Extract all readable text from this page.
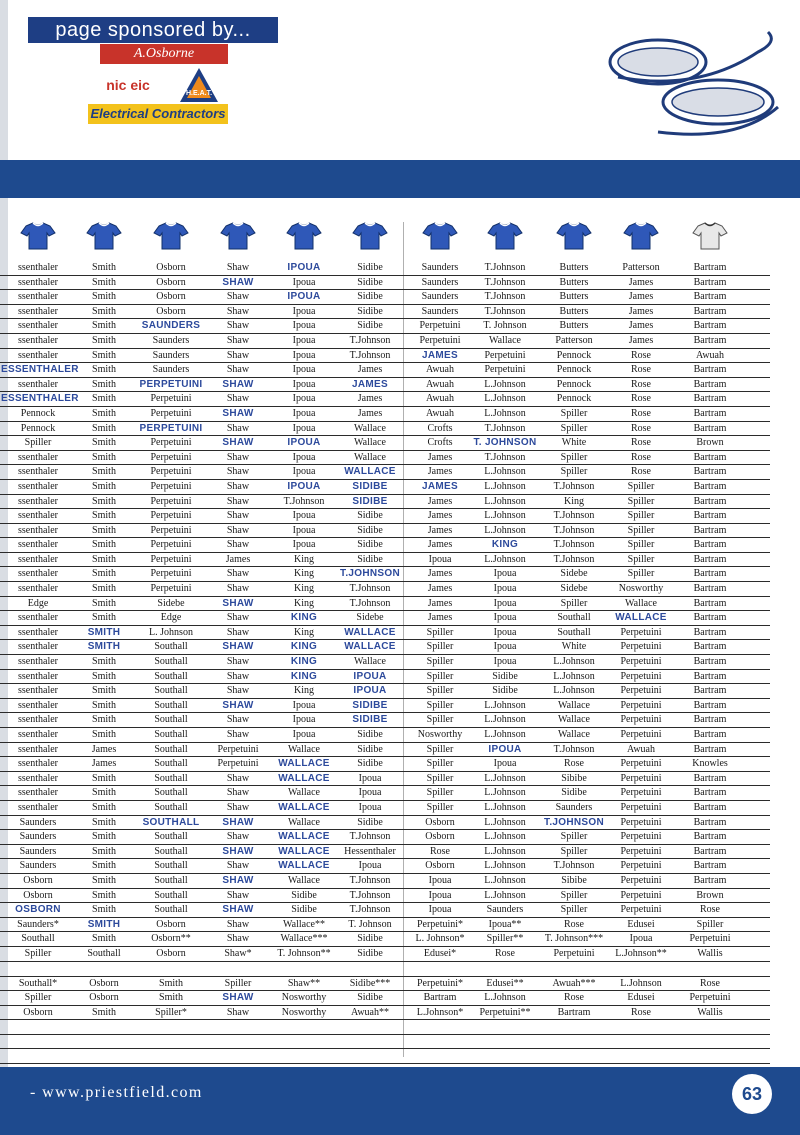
page sponsored by...
A.Osborne
nic eic
H.E.A.T.
Electrical Contractors
ssenthaler	Smith	Osborn	Shaw	IPOUA	Sidibe	Saunders	T.Johnson	Butters	Patterson	Bartram
ssenthaler	Smith	Osborn	SHAW	Ipoua	Sidibe	Saunders	T.Johnson	Butters	James	Bartram
ssenthaler	Smith	Osborn	Shaw	IPOUA	Sidibe	Saunders	T.Johnson	Butters	James	Bartram
ssenthaler	Smith	Osborn	Shaw	Ipoua	Sidibe	Saunders	T.Johnson	Butters	James	Bartram
ssenthaler	Smith	SAUNDERS	Shaw	Ipoua	Sidibe	Perpetuini	T. Johnson	Butters	James	Bartram
ssenthaler	Smith	Saunders	Shaw	Ipoua	T.Johnson	Perpetuini	Wallace	Patterson	James	Bartram
ssenthaler	Smith	Saunders	Shaw	Ipoua	T.Johnson	JAMES	Perpetuini	Pennock	Rose	Awuah
ESSENTHALER	Smith	Saunders	Shaw	Ipoua	James	Awuah	Perpetuini	Pennock	Rose	Bartram
ssenthaler	Smith	PERPETUINI	SHAW	Ipoua	JAMES	Awuah	L.Johnson	Pennock	Rose	Bartram
ESSENTHALER	Smith	Perpetuini	Shaw	Ipoua	James	Awuah	L.Johnson	Pennock	Rose	Bartram
Pennock	Smith	Perpetuini	SHAW	Ipoua	James	Awuah	L.Johnson	Spiller	Rose	Bartram
Pennock	Smith	PERPETUINI	Shaw	Ipoua	Wallace	Crofts	T.Johnson	Spiller	Rose	Bartram
Spiller	Smith	Perpetuini	SHAW	IPOUA	Wallace	Crofts	T. JOHNSON	White	Rose	Brown
ssenthaler	Smith	Perpetuini	Shaw	Ipoua	Wallace	James	T.Johnson	Spiller	Rose	Bartram
ssenthaler	Smith	Perpetuini	Shaw	Ipoua	WALLACE	James	L.Johnson	Spiller	Rose	Bartram
ssenthaler	Smith	Perpetuini	Shaw	IPOUA	SIDIBE	JAMES	L.Johnson	T.Johnson	Spiller	Bartram
ssenthaler	Smith	Perpetuini	Shaw	T.Johnson	SIDIBE	James	L.Johnson	King	Spiller	Bartram
ssenthaler	Smith	Perpetuini	Shaw	Ipoua	Sidibe	James	L.Johnson	T.Johnson	Spiller	Bartram
ssenthaler	Smith	Perpetuini	Shaw	Ipoua	Sidibe	James	L.Johnson	T.Johnson	Spiller	Bartram
ssenthaler	Smith	Perpetuini	Shaw	Ipoua	Sidibe	James	KING	T.Johnson	Spiller	Bartram
ssenthaler	Smith	Perpetuini	James	King	Sidibe	Ipoua	L.Johnson	T.Johnson	Spiller	Bartram
ssenthaler	Smith	Perpetuini	Shaw	King	T.JOHNSON	James	Ipoua	Sidebe	Spiller	Bartram
ssenthaler	Smith	Perpetuini	Shaw	King	T.Johnson	James	Ipoua	Sidebe	Nosworthy	Bartram
Edge	Smith	Sidebe	SHAW	King	T.Johnson	James	Ipoua	Spiller	Wallace	Bartram
ssenthaler	Smith	Edge	Shaw	KING	Sidebe	James	Ipoua	Southall	WALLACE	Bartram
ssenthaler	SMITH	L. Johnson	Shaw	King	WALLACE	Spiller	Ipoua	Southall	Perpetuini	Bartram
ssenthaler	SMITH	Southall	SHAW	KING	WALLACE	Spiller	Ipoua	White	Perpetuini	Bartram
ssenthaler	Smith	Southall	Shaw	KING	Wallace	Spiller	Ipoua	L.Johnson	Perpetuini	Bartram
ssenthaler	Smith	Southall	Shaw	KING	IPOUA	Spiller	Sidibe	L.Johnson	Perpetuini	Bartram
ssenthaler	Smith	Southall	Shaw	King	IPOUA	Spiller	Sidibe	L.Johnson	Perpetuini	Bartram
ssenthaler	Smith	Southall	SHAW	Ipoua	SIDIBE	Spiller	L.Johnson	Wallace	Perpetuini	Bartram
ssenthaler	Smith	Southall	Shaw	Ipoua	SIDIBE	Spiller	L.Johnson	Wallace	Perpetuini	Bartram
ssenthaler	Smith	Southall	Shaw	Ipoua	Sidibe	Nosworthy	L.Johnson	Wallace	Perpetuini	Bartram
ssenthaler	James	Southall	Perpetuini	Wallace	Sidibe	Spiller	IPOUA	T.Johnson	Awuah	Bartram
ssenthaler	James	Southall	Perpetuini	WALLACE	Sidibe	Spiller	Ipoua	Rose	Perpetuini	Knowles
ssenthaler	Smith	Southall	Shaw	WALLACE	Ipoua	Spiller	L.Johnson	Sibibe	Perpetuini	Bartram
ssenthaler	Smith	Southall	Shaw	Wallace	Ipoua	Spiller	L.Johnson	Sidibe	Perpetuini	Bartram
ssenthaler	Smith	Southall	Shaw	WALLACE	Ipoua	Spiller	L.Johnson	Saunders	Perpetuini	Bartram
Saunders	Smith	SOUTHALL	SHAW	Wallace	Sidibe	Osborn	L.Johnson	T.JOHNSON	Perpetuini	Bartram
Saunders	Smith	Southall	Shaw	WALLACE	T.Johnson	Osborn	L.Johnson	Spiller	Perpetuini	Bartram
Saunders	Smith	Southall	SHAW	WALLACE	Hessenthaler	Rose	L.Johnson	Spiller	Perpetuini	Bartram
Saunders	Smith	Southall	Shaw	WALLACE	Ipoua	Osborn	L.Johnson	T.Johnson	Perpetuini	Bartram
Osborn	Smith	Southall	SHAW	Wallace	T.Johnson	Ipoua	L.Johnson	Sibibe	Perpetuini	Bartram
Osborn	Smith	Southall	Shaw	Sidibe	T.Johnson	Ipoua	L.Johnson	Spiller	Perpetuini	Brown
OSBORN	Smith	Southall	SHAW	Sidibe	T.Johnson	Ipoua	Saunders	Spiller	Perpetuini	Rose
Saunders*	SMITH	Osborn	Shaw	Wallace**	T. Johnson	Perpetuini*	Ipoua**	Rose	Edusei	Spiller
Southall	Smith	Osborn**	Shaw	Wallace***	Sidibe	L. Johnson*	Spiller**	T. Johnson***	Ipoua	Perpetuini
Spiller	Southall	Osborn	Shaw*	T. Johnson**	Sidibe	Edusei*	Rose	Perpetuini	L.Johnson**	Wallis
Southall*	Osborn	Smith	Spiller	Shaw**	Sidibe***	Perpetuini*	Edusei**	Awuah***	L.Johnson	Rose
Spiller	Osborn	Smith	SHAW	Nosworthy	Sidibe	Bartram	L.Johnson	Rose	Edusei	Perpetuini
Osborn	Smith	Spiller*	Shaw	Nosworthy	Awuah**	L.Johnson*	Perpetuini**	Bartram	Rose	Wallis
- www.priestfield.com	63
